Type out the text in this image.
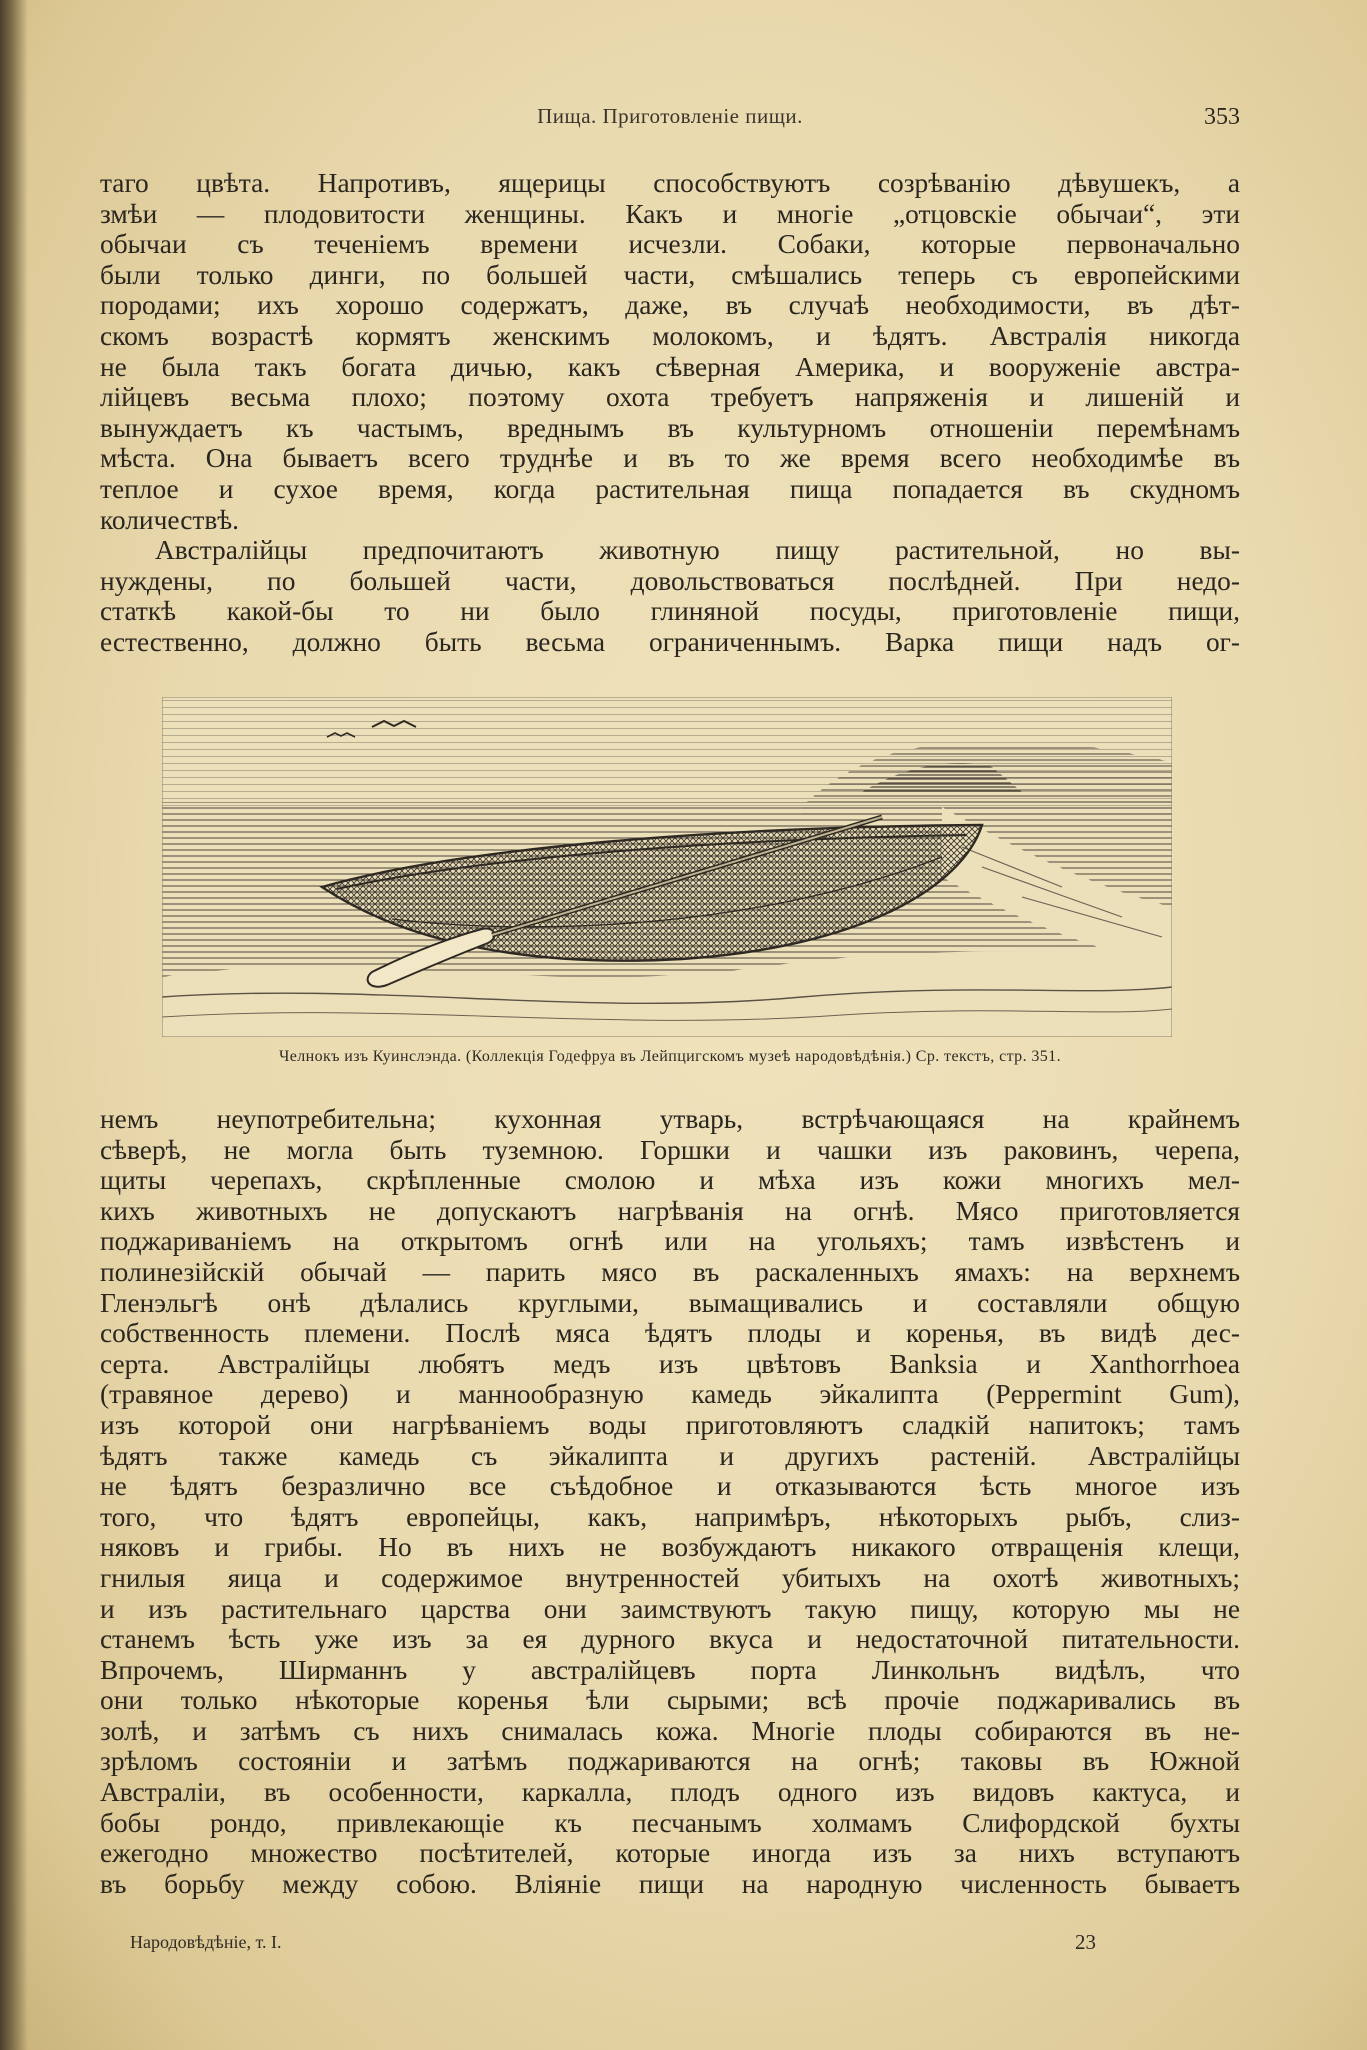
Пища. Приготовленіе пищи.	353

таго цвѣта. Напротивъ, ящерицы способствуютъ созрѣванію дѣвушекъ, а

змѣи — плодовитости женщины. Какъ и многіе „отцовскіе обычаи“, эти

обычаи съ теченіемъ времени исчезли. Собаки, которые первоначально

были только динги, по большей части, смѣшались теперь съ европейскими

породами; ихъ хорошо содержатъ, даже, въ случаѣ необходимости, въ дѣт-

скомъ возрастѣ кормятъ женскимъ молокомъ, и ѣдятъ. Австралія никогда

не была такъ богата дичью, какъ сѣверная Америка, и вооруженіе австра-

лійцевъ весьма плохо; поэтому охота требуетъ напряженія и лишеній и

вынуждаетъ къ частымъ, вреднымъ въ культурномъ отношеніи перемѣнамъ

мѣста. Она бываетъ всего труднѣе и въ то же время всего необходимѣе въ

теплое и сухое время, когда растительная пища попадается въ скудномъ

количествѣ.

Австралійцы предпочитаютъ животную пищу растительной, но вы-

нуждены, по большей части, довольствоваться послѣдней. При недо-

статкѣ какой-бы то ни было глиняной посуды, приготовленіе пищи,

естественно, должно быть весьма ограниченнымъ. Варка пищи надъ ог-

Челнокъ изъ Куинслэнда. (Коллекція Годефруа въ Лейпцигскомъ музеѣ народовѣдѣнія.) Ср. текстъ, стр. 351.

немъ неупотребительна; кухонная утварь, встрѣчающаяся на крайнемъ

сѣверѣ, не могла быть туземною. Горшки и чашки изъ раковинъ, черепа,

щиты черепахъ, скрѣпленные смолою и мѣха изъ кожи многихъ мел-

кихъ животныхъ не допускаютъ нагрѣванія на огнѣ. Мясо приготовляется

поджариваніемъ на открытомъ огнѣ или на угольяхъ; тамъ извѣстенъ и

полинезійскій обычай — парить мясо въ раскаленныхъ ямахъ: на верхнемъ

Гленэльгѣ онѣ дѣлались круглыми, вымащивались и составляли общую

собственность племени. Послѣ мяса ѣдятъ плоды и коренья, въ видѣ дес-

серта. Австралійцы любятъ медъ изъ цвѣтовъ Banksia и Xanthorrhoea

(травяное дерево) и маннообразную камедь эйкалипта (Peppermint Gum),

изъ которой они нагрѣваніемъ воды приготовляютъ сладкій напитокъ; тамъ

ѣдятъ также камедь съ эйкалипта и другихъ растеній. Австралійцы

не ѣдятъ безразлично все съѣдобное и отказываются ѣсть многое изъ

того, что ѣдятъ европейцы, какъ, напримѣръ, нѣкоторыхъ рыбъ, слиз-

няковъ и грибы. Но въ нихъ не возбуждаютъ никакого отвращенія клещи,

гнилыя яица и содержимое внутренностей убитыхъ на охотѣ животныхъ;

и изъ растительнаго царства они заимствуютъ такую пищу, которую мы не

станемъ ѣсть уже изъ за ея дурного вкуса и недостаточной питательности.

Впрочемъ, Ширманнъ у австралійцевъ порта Линкольнъ видѣлъ, что

они только нѣкоторые коренья ѣли сырыми; всѣ прочіе поджаривались въ

золѣ, и затѣмъ съ нихъ снималась кожа. Многіе плоды собираются въ не-

зрѣломъ состояніи и затѣмъ поджариваются на огнѣ; таковы въ Южной

Австраліи, въ особенности, каркалла, плодъ одного изъ видовъ кактуса, и

бобы рондо, привлекающіе къ песчанымъ холмамъ Слифордской бухты

ежегодно множество посѣтителей, которые иногда изъ за нихъ вступаютъ

въ борьбу между собою. Вліяніе пищи на народную численность бываетъ

Народовѣдѣніе, т. I.	23
